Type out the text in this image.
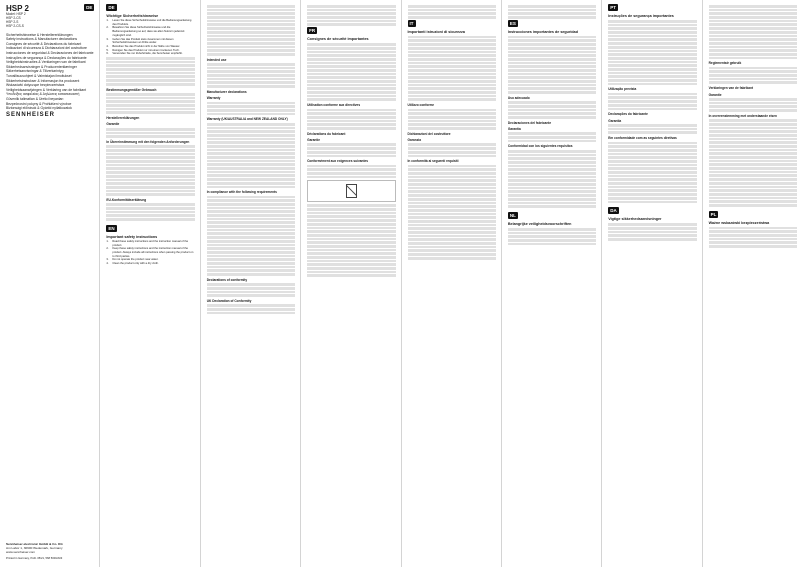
HSP 2
Model: HSP 2
HSP 2-CS
HSP 2-S
HSP 2-CS-S
DE
Sicherheitshinweise & Herstellererklärungen
Safety instructions & Manufacturer declarations
Consignes de sécurité & Déclarations du fabricant
Indicazioni di sicurezza & Dichiarazioni del costruttore
Instrucciones de seguridad & Declaraciones del fabricante
Instruções de segurança & Declarações do fabricante
Veiligheidsinstructies & Verklaringen van de fabrikant
Sikkerhedsanvisninger & Producenterklæringer
Säkerhetsanvisningar & Tillverkarintyg
Turvallisuusohjeet & Valmistajan ilmoitukset
Sikkerhetsinstrukser & Informasjon fra produsent
Wskazówki dotyczące bezpieczeństwa
Veiligheidsaanwijzingen & Verklaring van de fabrikant
Υποδείξεις ασφαλείας & Δηλώσεις κατασκευαστή
Güvenlik talimatları & Üretici beyanları
Bezpečnostní pokyny & Prohlášení výrobce
Biztonsági előírások & Gyártói nyilatkozatok
SENNHEISER
Sennheiser electronic GmbH & Co. KG
Am Labor 1, 30900 Wedemark, Germany
www.sennheiser.com
Printed in Germany, Publ. 05/21, 568 5000/A03
DE
Wichtige Sicherheitshinweise
1.	Lesen Sie diese Sicherheitshinweise und die Bedienungsanleitung des Produkts.
2.	Bewahren Sie diese Sicherheitshinweise und die Bedienungsanleitung so auf, dass sie allen Nutzern jederzeit zugänglich sind.
3.	Geben Sie das Produkt stets zusammen mit diesen Sicherheitshinweisen an Dritte weiter.
4.	Betreiben Sie das Produkt nicht in der Nähe von Wasser.
5.	Reinigen Sie das Produkt nur mit einem trockenen Tuch.
6.	Verwenden Sie nur Zubehörteile, die Sennheiser empfiehlt.
Bestimmungsgemäßer Gebrauch
Herstellererklärungen
Garantie
In Übereinstimmung mit den folgenden Anforderungen
EU-Konformitätserklärung
EN
Important safety instructions
1.	Read these safety instructions and the instruction manual of the product.
2.	Keep these safety instructions and the instruction manual of the product. Always include all instructions when passing the product on to third parties.
3.	Do not operate the product near water.
4.	Clean the product only with a dry cloth.
Intended use
Manufacturer declarations
Warranty
Warranty (UK/AUSTRALIA and NEW ZEALAND ONLY)
In compliance with the following requirements
Declarations of conformity
UK Declaration of Conformity
FR
Consignes de sécurité importantes
Utilisation conforme aux directives
Déclarations du fabricant
Garantie
Conformément aux exigences suivantes
IT
Importanti istruzioni di sicurezza
Utilizzo conforme
Dichiarazioni del costruttore
Garanzia
In conformità ai seguenti requisiti
ES
Instrucciones importantes de seguridad
Uso adecuado
Declaraciones del fabricante
Garantía
Conformidad con los siguientes requisitos
NL
Belangrijke veiligheidsvoorschriften
PT
Instruções de segurança importantes
Utilização prevista
Declarações do fabricante
Garantia
Em conformidade com as seguintes diretivas
DA
Vigtige sikkerhedsanvisninger
Reglementair gebruik
Verklaringen van de fabrikant
Garantie
In overeenstemming met onderstaande eisen
PL
Ważne wskazówki bezpieczeństwa
